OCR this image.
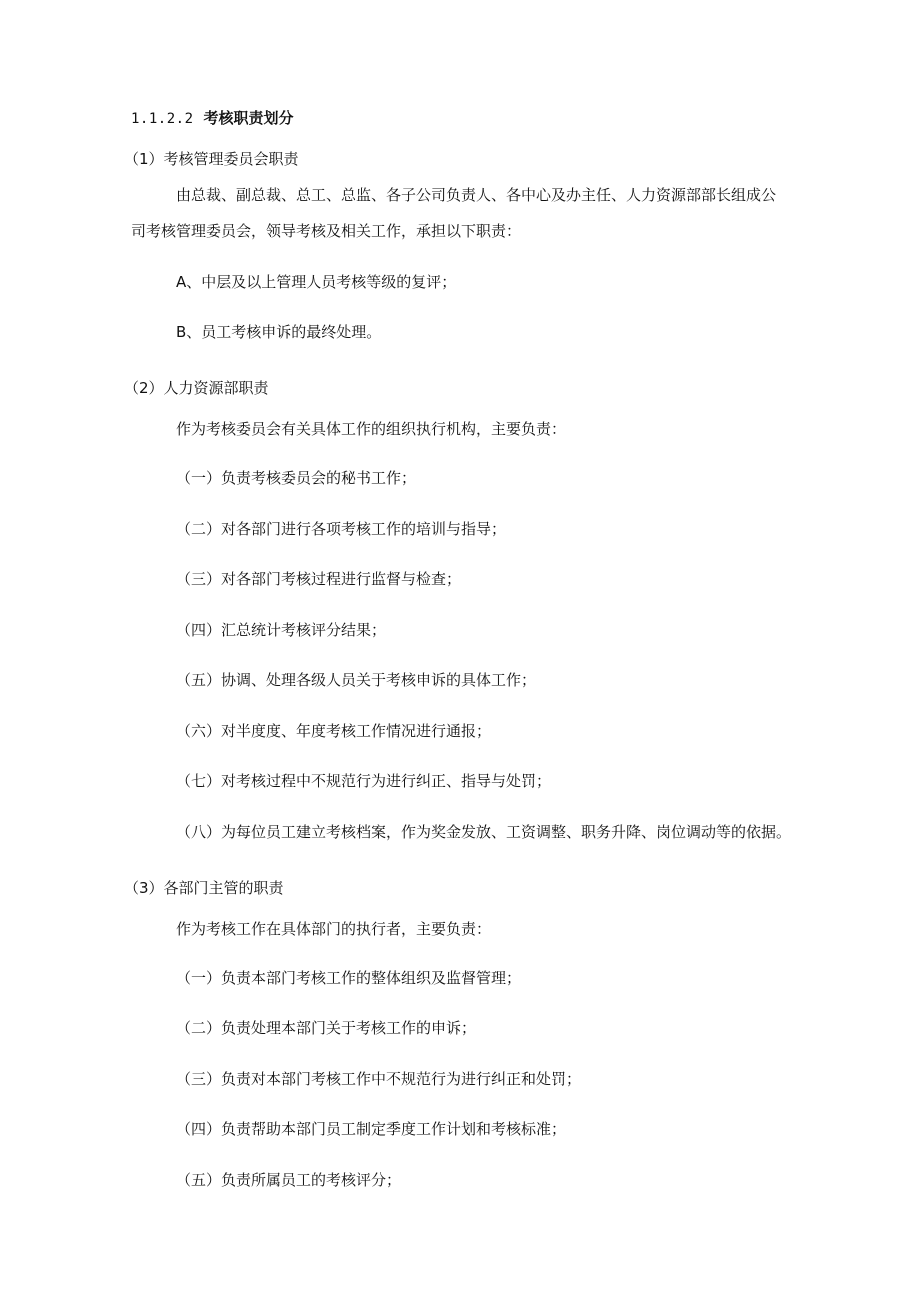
1.1.2.2 考核职责划分
（1）考核管理委员会职责
由总裁、副总裁、总工、总监、各子公司负责人、各中心及办主任、人力资源部部长组成公
司考核管理委员会，领导考核及相关工作，承担以下职责：
A、中层及以上管理人员考核等级的复评；
B、员工考核申诉的最终处理。
（2）人力资源部职责
作为考核委员会有关具体工作的组织执行机构，主要负责：
（一）负责考核委员会的秘书工作；
（二）对各部门进行各项考核工作的培训与指导；
（三）对各部门考核过程进行监督与检查；
（四）汇总统计考核评分结果；
（五）协调、处理各级人员关于考核申诉的具体工作；
（六）对半度度、年度考核工作情况进行通报；
（七）对考核过程中不规范行为进行纠正、指导与处罚；
（八）为每位员工建立考核档案，作为奖金发放、工资调整、职务升降、岗位调动等的依据。
（3）各部门主管的职责
作为考核工作在具体部门的执行者，主要负责：
（一）负责本部门考核工作的整体组织及监督管理；
（二）负责处理本部门关于考核工作的申诉；
（三）负责对本部门考核工作中不规范行为进行纠正和处罚；
（四）负责帮助本部门员工制定季度工作计划和考核标准；
（五）负责所属员工的考核评分；
